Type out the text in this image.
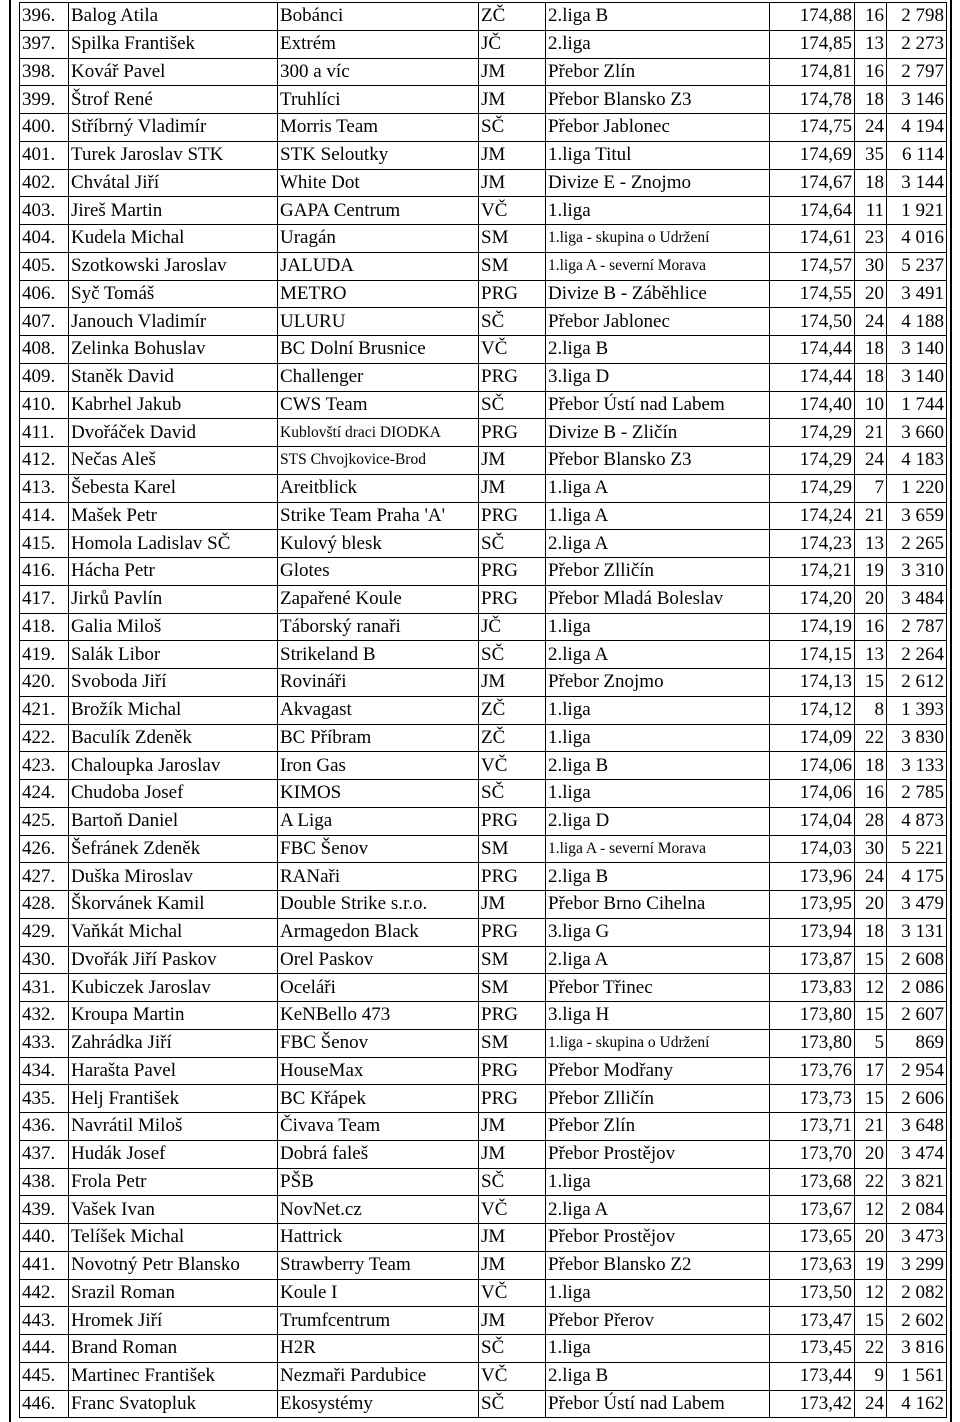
396.	Balog Atila	Bobánci	ZČ	2.liga B	174,88	16	2 798
397.	Spilka František	Extrém	JČ	2.liga	174,85	13	2 273
398.	Kovář Pavel	300 a víc	JM	Přebor Zlín	174,81	16	2 797
399.	Štrof René	Truhlíci	JM	Přebor Blansko Z3	174,78	18	3 146
400.	Stříbrný Vladimír	Morris Team	SČ	Přebor Jablonec	174,75	24	4 194
401.	Turek Jaroslav STK	STK Seloutky	JM	1.liga Titul	174,69	35	6 114
402.	Chvátal Jiří	White Dot	JM	Divize E - Znojmo	174,67	18	3 144
403.	Jireš Martin	GAPA Centrum	VČ	1.liga	174,64	11	1 921
404.	Kudela Michal	Uragán	SM	1.liga - skupina o Udržení	174,61	23	4 016
405.	Szotkowski Jaroslav	JALUDA	SM	1.liga A - severní Morava	174,57	30	5 237
406.	Syč Tomáš	METRO	PRG	Divize B - Záběhlice	174,55	20	3 491
407.	Janouch Vladimír	ULURU	SČ	Přebor Jablonec	174,50	24	4 188
408.	Zelinka Bohuslav	BC Dolní Brusnice	VČ	2.liga B	174,44	18	3 140
409.	Staněk David	Challenger	PRG	3.liga D	174,44	18	3 140
410.	Kabrhel Jakub	CWS Team	SČ	Přebor Ústí nad Labem	174,40	10	1 744
411.	Dvořáček David	Kublovští draci DIODKA	PRG	Divize B - Zličín	174,29	21	3 660
412.	Nečas Aleš	STS Chvojkovice-Brod	JM	Přebor Blansko Z3	174,29	24	4 183
413.	Šebesta Karel	Areitblick	JM	1.liga A	174,29	7	1 220
414.	Mašek Petr	Strike Team Praha 'A'	PRG	1.liga A	174,24	21	3 659
415.	Homola Ladislav SČ	Kulový blesk	SČ	2.liga A	174,23	13	2 265
416.	Hácha Petr	Glotes	PRG	Přebor Zlličín	174,21	19	3 310
417.	Jirků Pavlín	Zapařené Koule	PRG	Přebor Mladá Boleslav	174,20	20	3 484
418.	Galia Miloš	Táborský ranaři	JČ	1.liga	174,19	16	2 787
419.	Salák Libor	Strikeland B	SČ	2.liga A	174,15	13	2 264
420.	Svoboda Jiří	Rovináři	JM	Přebor Znojmo	174,13	15	2 612
421.	Brožík Michal	Akvagast	ZČ	1.liga	174,12	8	1 393
422.	Baculík Zdeněk	BC Příbram	ZČ	1.liga	174,09	22	3 830
423.	Chaloupka Jaroslav	Iron Gas	VČ	2.liga B	174,06	18	3 133
424.	Chudoba Josef	KIMOS	SČ	1.liga	174,06	16	2 785
425.	Bartoň Daniel	A Liga	PRG	2.liga D	174,04	28	4 873
426.	Šefránek Zdeněk	FBC Šenov	SM	1.liga A - severní Morava	174,03	30	5 221
427.	Duška Miroslav	RANaři	PRG	2.liga B	173,96	24	4 175
428.	Škorvánek Kamil	Double Strike s.r.o.	JM	Přebor Brno Cihelna	173,95	20	3 479
429.	Vaňkát Michal	Armagedon Black	PRG	3.liga G	173,94	18	3 131
430.	Dvořák Jiří Paskov	Orel Paskov	SM	2.liga A	173,87	15	2 608
431.	Kubiczek Jaroslav	Oceláři	SM	Přebor Třinec	173,83	12	2 086
432.	Kroupa Martin	KeNBello 473	PRG	3.liga H	173,80	15	2 607
433.	Zahrádka Jiří	FBC Šenov	SM	1.liga - skupina o Udržení	173,80	5	869
434.	Harašta Pavel	HouseMax	PRG	Přebor Modřany	173,76	17	2 954
435.	Helj František	BC Křápek	PRG	Přebor Zlličín	173,73	15	2 606
436.	Navrátil Miloš	Čivava Team	JM	Přebor Zlín	173,71	21	3 648
437.	Hudák Josef	Dobrá faleš	JM	Přebor Prostějov	173,70	20	3 474
438.	Frola Petr	PŠB	SČ	1.liga	173,68	22	3 821
439.	Vašek Ivan	NovNet.cz	VČ	2.liga A	173,67	12	2 084
440.	Telíšek Michal	Hattrick	JM	Přebor Prostějov	173,65	20	3 473
441.	Novotný Petr Blansko	Strawberry Team	JM	Přebor Blansko Z2	173,63	19	3 299
442.	Srazil Roman	Koule I	VČ	1.liga	173,50	12	2 082
443.	Hromek Jiří	Trumfcentrum	JM	Přebor Přerov	173,47	15	2 602
444.	Brand Roman	H2R	SČ	1.liga	173,45	22	3 816
445.	Martinec František	Nezmaři Pardubice	VČ	2.liga B	173,44	9	1 561
446.	Franc Svatopluk	Ekosystémy	SČ	Přebor Ústí nad Labem	173,42	24	4 162
